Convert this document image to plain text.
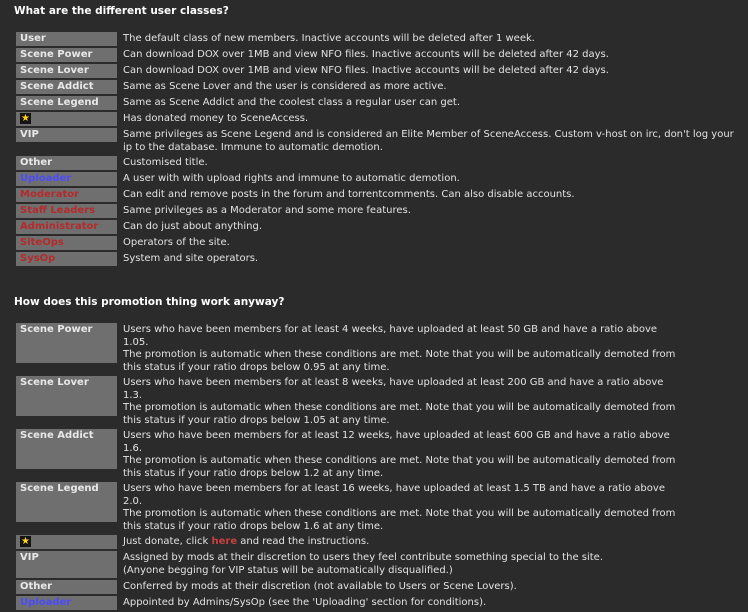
What are the different user classes?
User	The default class of new members. Inactive accounts will be deleted after 1 week.
Scene Power	Can download DOX over 1MB and view NFO files. Inactive accounts will be deleted after 42 days.
Scene Lover	Can download DOX over 1MB and view NFO files. Inactive accounts will be deleted after 42 days.
Scene Addict	Same as Scene Lover and the user is considered as more active.
Scene Legend	Same as Scene Addict and the coolest class a regular user can get.
★	Has donated money to SceneAccess.
VIP	Same privileges as Scene Legend and is considered an Elite Member of SceneAccess. Custom v-host on irc, don't log your ip to the database. Immune to automatic demotion.
Other	Customised title.
Uploader	A user with with upload rights and immune to automatic demotion.
Moderator	Can edit and remove posts in the forum and torrentcomments. Can also disable accounts.
Staff Leaders	Same privileges as a Moderator and some more features.
Administrator	Can do just about anything.
SiteOps	Operators of the site.
SysOp	System and site operators.
How does this promotion thing work anyway?
Scene Power	Users who have been members for at least 4 weeks, have uploaded at least 50 GB and have a ratio above 1.05.
The promotion is automatic when these conditions are met. Note that you will be automatically demoted from
this status if your ratio drops below 0.95 at any time.
Scene Lover	Users who have been members for at least 8 weeks, have uploaded at least 200 GB and have a ratio above 1.3.
The promotion is automatic when these conditions are met. Note that you will be automatically demoted from
this status if your ratio drops below 1.05 at any time.
Scene Addict	Users who have been members for at least 12 weeks, have uploaded at least 600 GB and have a ratio above 1.6.
The promotion is automatic when these conditions are met. Note that you will be automatically demoted from
this status if your ratio drops below 1.2 at any time.
Scene Legend	Users who have been members for at least 16 weeks, have uploaded at least 1.5 TB and have a ratio above 2.0.
The promotion is automatic when these conditions are met. Note that you will be automatically demoted from
this status if your ratio drops below 1.6 at any time.
★	Just donate, click here and read the instructions.
VIP	Assigned by mods at their discretion to users they feel contribute something special to the site.
(Anyone begging for VIP status will be automatically disqualified.)
Other	Conferred by mods at their discretion (not available to Users or Scene Lovers).
Uploader	Appointed by Admins/SysOp (see the 'Uploading' section for conditions).
